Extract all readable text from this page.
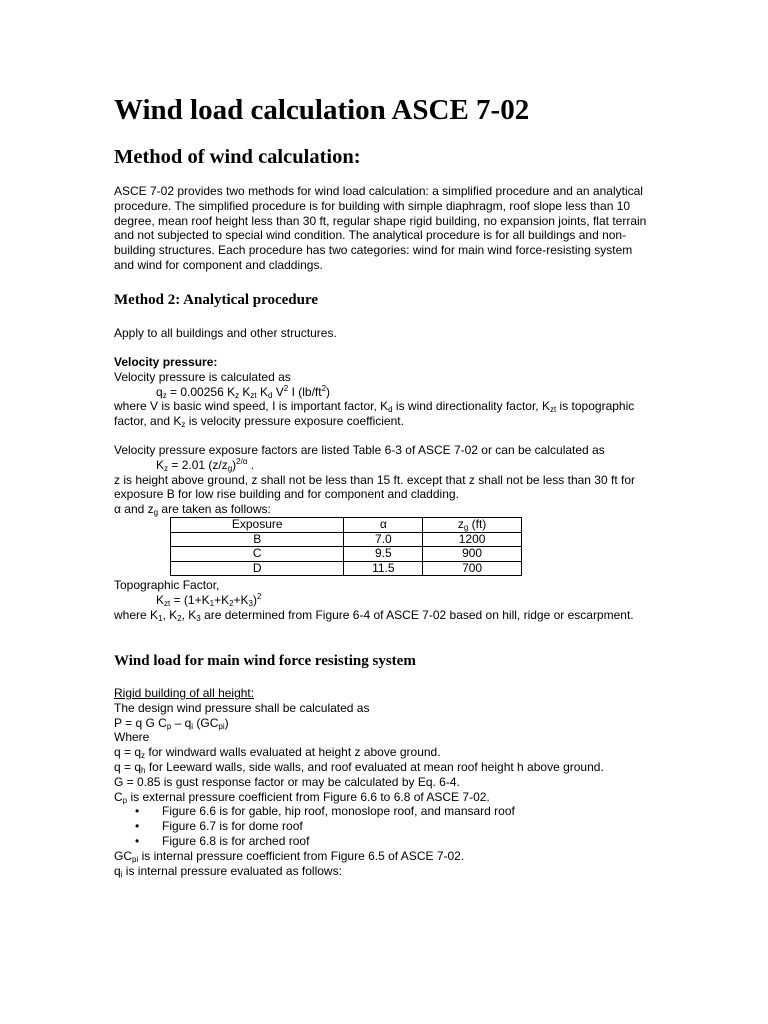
Wind load calculation ASCE 7-02
Method of wind calculation:

ASCE 7-02 provides two methods for wind load calculation: a simplified procedure and an analytical procedure. The simplified procedure is for building with simple diaphragm, roof slope less than 10 degree, mean roof height less than 30 ft, regular shape rigid building, no expansion joints, flat terrain and not subjected to special wind condition. The analytical procedure is for all buildings and non-building structures. Each procedure has two categories: wind for main wind force-resisting system and wind for component and claddings.

Method 2: Analytical procedure

Apply to all buildings and other structures.

Velocity pressure:

Velocity pressure is calculated as

$q_z = 0.00256$ $K_z$ $K_{zt}$ $K_d$ $V^2$ I $(lb/ft^2)$

where V is basic wind speed, I is important factor, $K_d$ is wind directionality factor, $K_{zt}$ is topographic factor, and $K_z$ is velocity pressure exposure coefficient.

Velocity pressure exposure factors are listed Table 6-3 of ASCE 7-02 or can be calculated as

$K_z = 2.01$ $(z/z_g)^{2/\alpha}$ .

z is height above ground, z shall not be less than 15 ft. except that z shall not be less than 30 ft for exposure B for low rise building and for component and cladding.

α and $z_g$ are taken as follows:

Exposure	α	$z_g$ (ft)
B	7.0	1200
C	9.5	900
D	11.5	700

Topographic Factor,

$K_{zt} = (1+K_1+K_2+K_3)^2$

where $K_1$, $K_2$, $K_3$ are determined from Figure 6-4 of ASCE 7-02 based on hill, ridge or escarpment.

Wind load for main wind force resisting system

Rigid building of all height:

The design wind pressure shall be calculated as

P = q G $C_p - q_i$ $(GC_{pi})$

Where

$q = q_z$ for windward walls evaluated at height z above ground.

$q = q_h$ for Leeward walls, side walls, and roof evaluated at mean roof height h above ground.

G = 0.85 is gust response factor or may be calculated by Eq. 6-4.

$C_p$ is external pressure coefficient from Figure 6.6 to 6.8 of ASCE 7-02.

• Figure 6.6 is for gable, hip roof, monoslope roof, and mansard roof
• Figure 6.7 is for dome roof
• Figure 6.8 is for arched roof

$GC_{pi}$ is internal pressure coefficient from Figure 6.5 of ASCE 7-02.

$q_i$ is internal pressure evaluated as follows:
